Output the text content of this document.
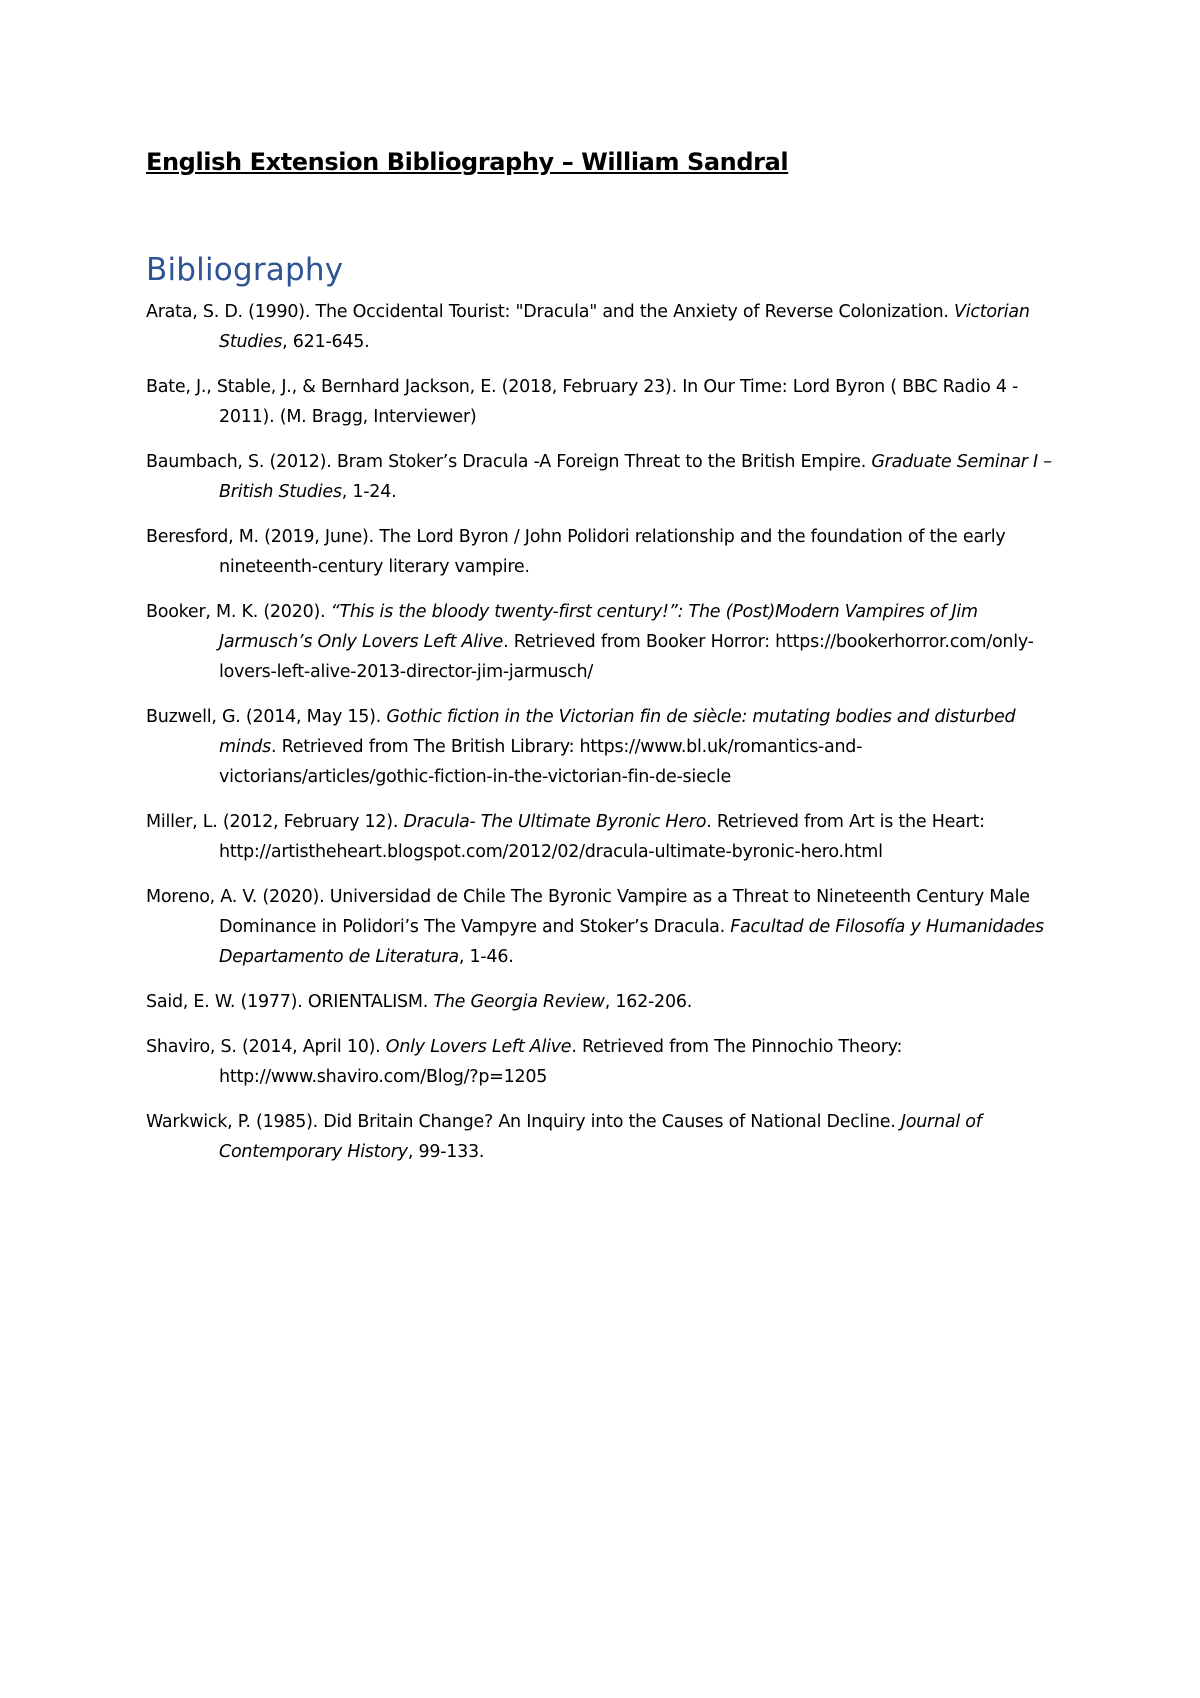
English Extension Bibliography – William Sandral
Bibliography
Arata, S. D. (1990). The Occidental Tourist: "Dracula" and the Anxiety of Reverse Colonization. Victorian Studies, 621-645.
Bate, J., Stable, J., & Bernhard Jackson, E. (2018, February 23). In Our Time: Lord Byron ( BBC Radio 4 - 2011). (M. Bragg, Interviewer)
Baumbach, S. (2012). Bram Stoker’s Dracula -A Foreign Threat to the British Empire. Graduate Seminar I – British Studies, 1-24.
Beresford, M. (2019, June). The Lord Byron / John Polidori relationship and the foundation of the early nineteenth-century literary vampire.
Booker, M. K. (2020). “This is the bloody twenty-first century!”: The (Post)Modern Vampires of Jim Jarmusch’s Only Lovers Left Alive. Retrieved from Booker Horror: https://bookerhorror.com/only-lovers-left-alive-2013-director-jim-jarmusch/
Buzwell, G. (2014, May 15). Gothic fiction in the Victorian fin de siècle: mutating bodies and disturbed minds. Retrieved from The British Library: https://www.bl.uk/romantics-and-victorians/articles/gothic-fiction-in-the-victorian-fin-de-siecle
Miller, L. (2012, February 12). Dracula- The Ultimate Byronic Hero. Retrieved from Art is the Heart: http://artistheheart.blogspot.com/2012/02/dracula-ultimate-byronic-hero.html
Moreno, A. V. (2020). Universidad de Chile The Byronic Vampire as a Threat to Nineteenth Century Male Dominance in Polidori’s The Vampyre and Stoker’s Dracula. Facultad de Filosofía y Humanidades Departamento de Literatura, 1-46.
Said, E. W. (1977). ORIENTALISM. The Georgia Review, 162-206.
Shaviro, S. (2014, April 10). Only Lovers Left Alive. Retrieved from The Pinnochio Theory: http://www.shaviro.com/Blog/?p=1205
Warkwick, P. (1985). Did Britain Change? An Inquiry into the Causes of National Decline. Journal of Contemporary History, 99-133.
